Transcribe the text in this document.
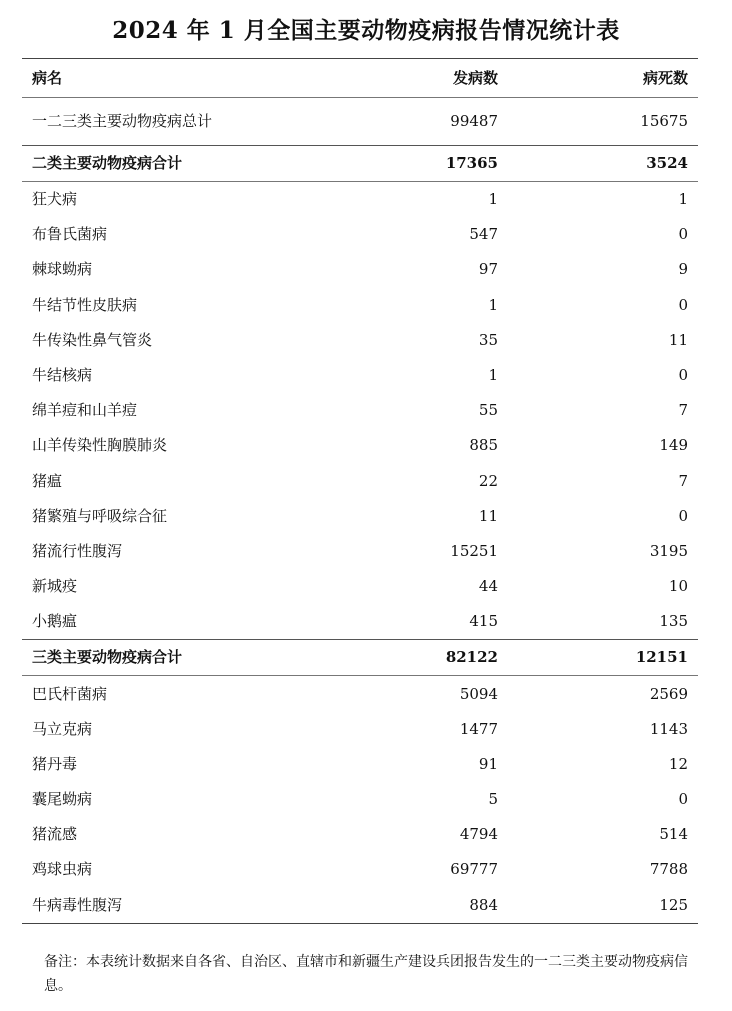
2024 年 1 月全国主要动物疫病报告情况统计表
病名	发病数	病死数
一二三类主要动物疫病总计	99487	15675
二类主要动物疫病合计	17365	3524
狂犬病	1	1
布鲁氏菌病	547	0
棘球蚴病	97	9
牛结节性皮肤病	1	0
牛传染性鼻气管炎	35	11
牛结核病	1	0
绵羊痘和山羊痘	55	7
山羊传染性胸膜肺炎	885	149
猪瘟	22	7
猪繁殖与呼吸综合征	11	0
猪流行性腹泻	15251	3195
新城疫	44	10
小鹅瘟	415	135
三类主要动物疫病合计	82122	12151
巴氏杆菌病	5094	2569
马立克病	1477	1143
猪丹毒	91	12
囊尾蚴病	5	0
猪流感	4794	514
鸡球虫病	69777	7788
牛病毒性腹泻	884	125
备注：本表统计数据来自各省、自治区、直辖市和新疆生产建设兵团报告发生的一二三类主要动物疫病信息。
